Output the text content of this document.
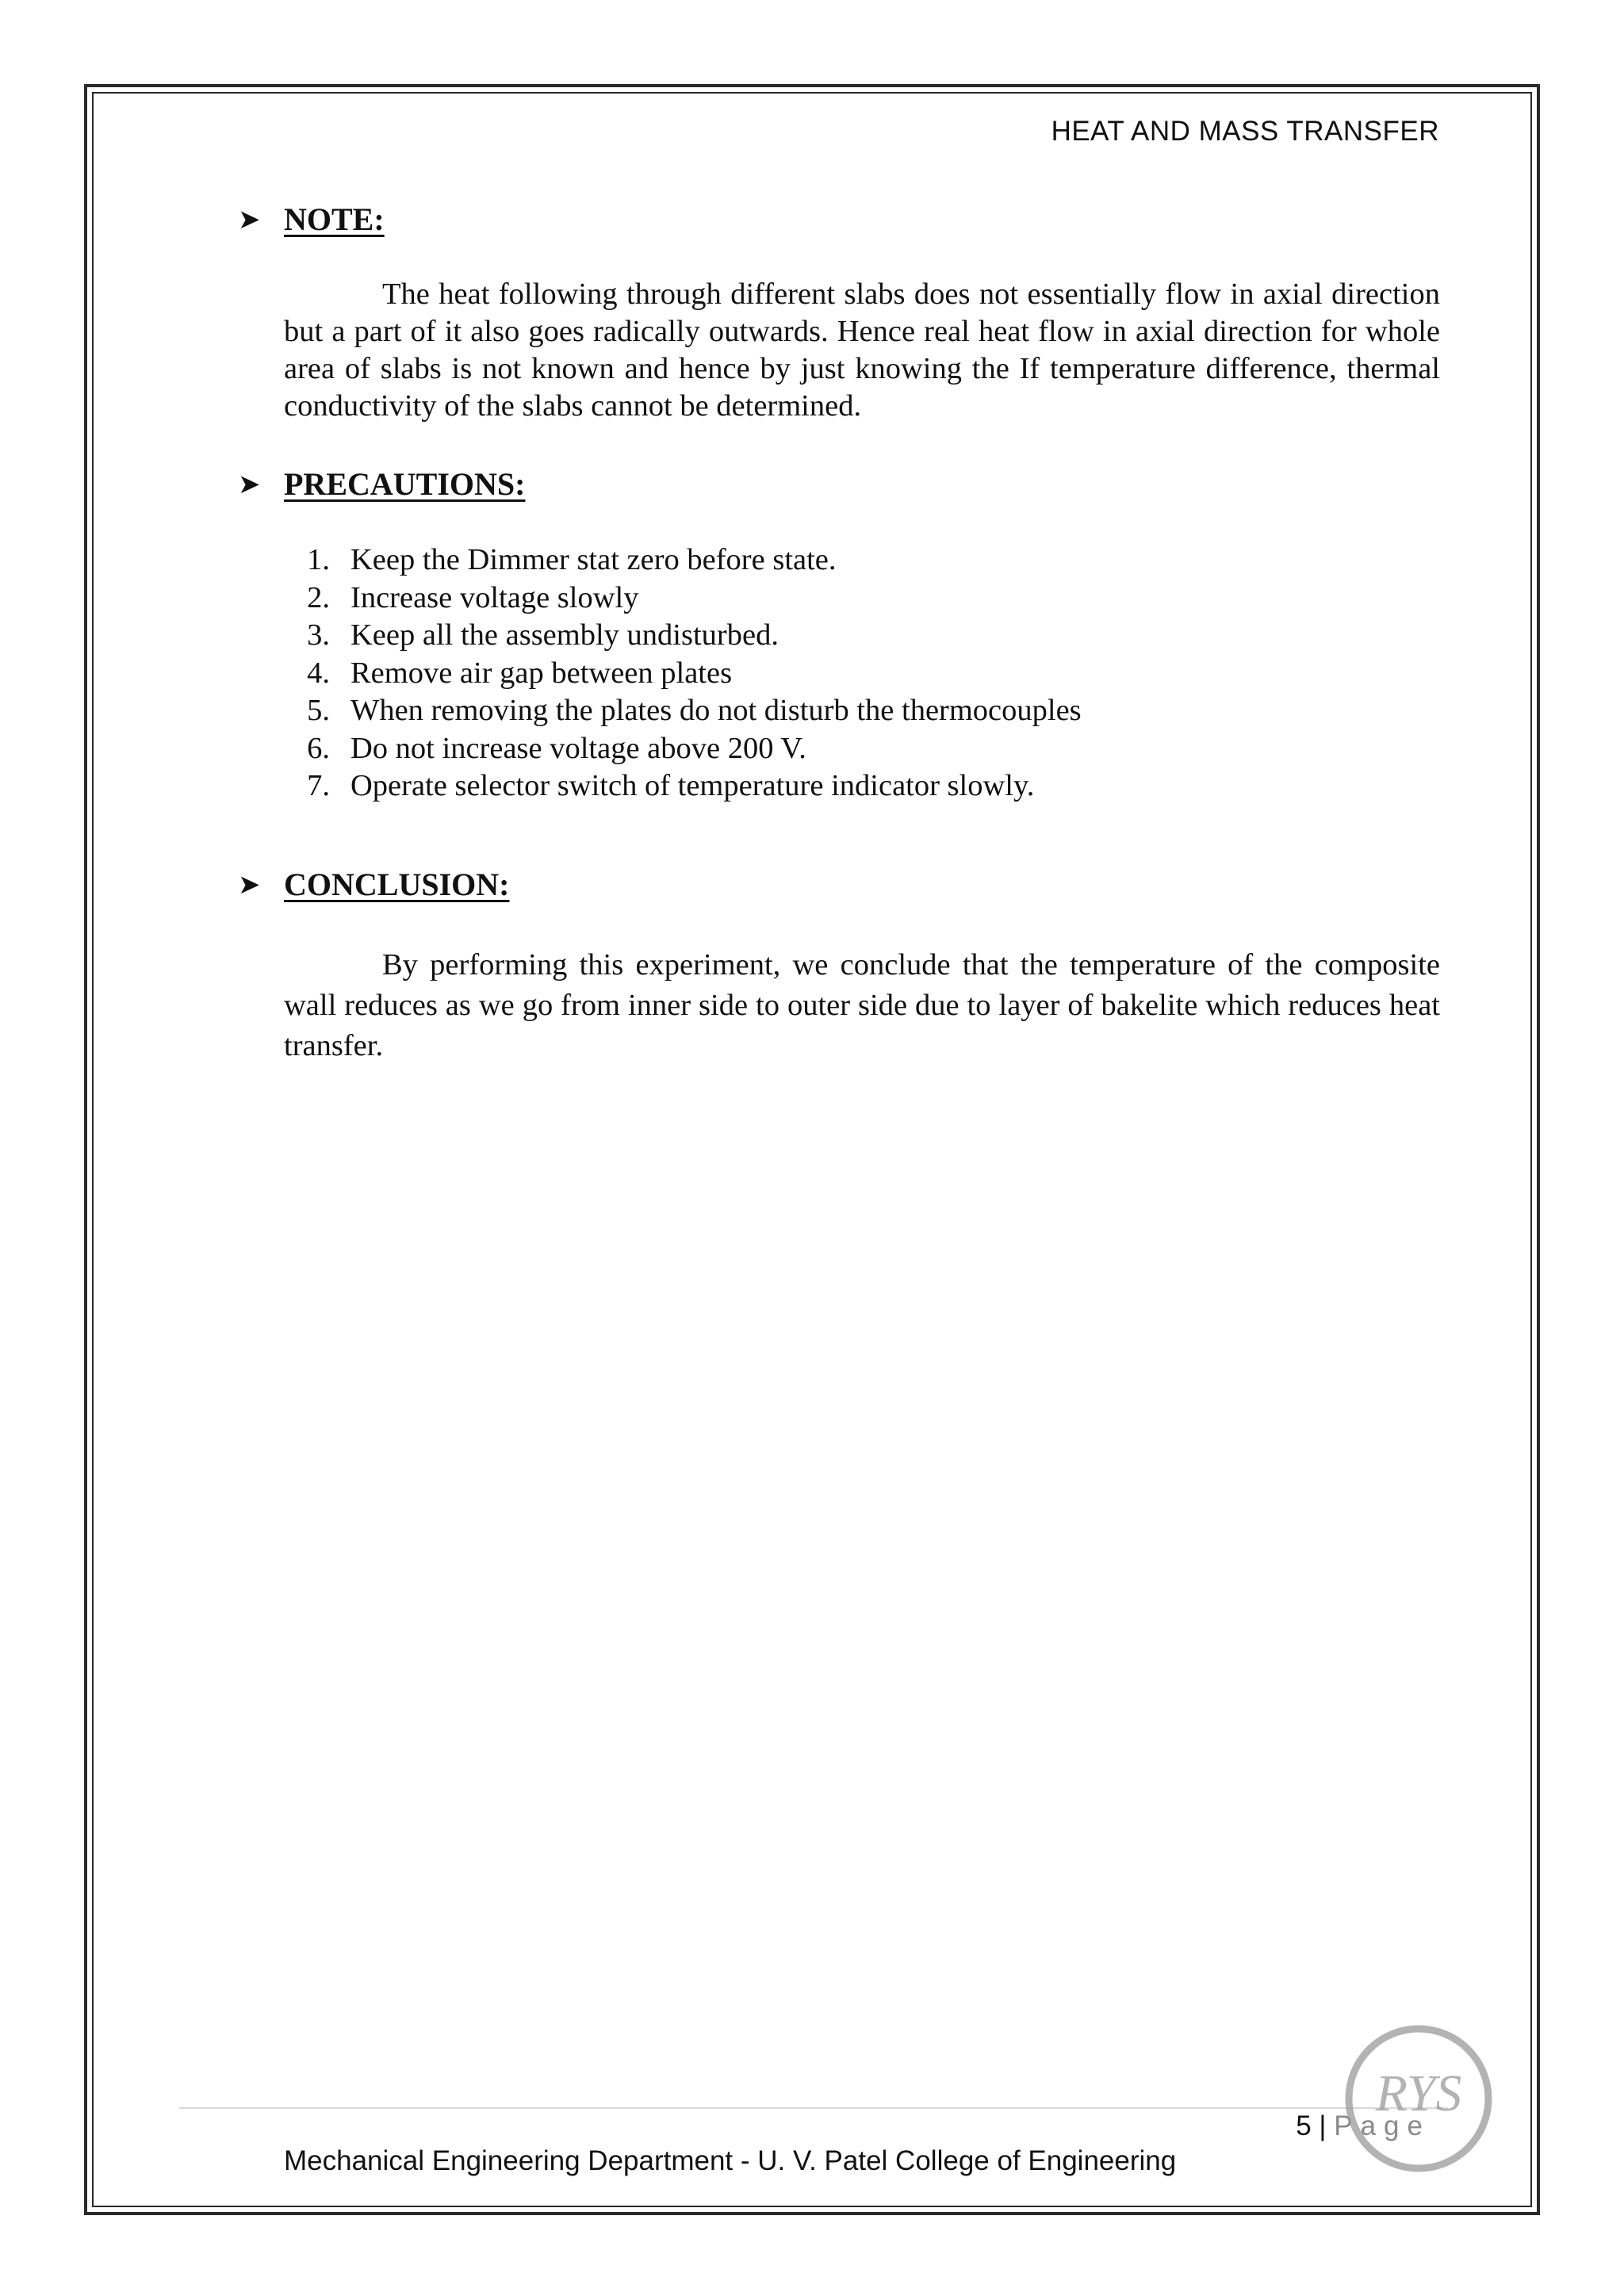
HEAT AND MASS TRANSFER
➤ NOTE:
The heat following through different slabs does not essentially flow in axial direction but a part of it also goes radically outwards. Hence real heat flow in axial direction for whole area of slabs is not known and hence by just knowing the If temperature difference, thermal conductivity of the slabs cannot be determined.
➤ PRECAUTIONS:
1. Keep the Dimmer stat zero before state.
2. Increase voltage slowly
3. Keep all the assembly undisturbed.
4. Remove air gap between plates
5. When removing the plates do not disturb the thermocouples
6. Do not increase voltage above 200 V.
7. Operate selector switch of temperature indicator slowly.
➤ CONCLUSION:
By performing this experiment, we conclude that the temperature of the composite wall reduces as we go from inner side to outer side due to layer of bakelite which reduces heat transfer.
5 | Page
Mechanical Engineering Department - U. V. Patel College of Engineering
RYS
